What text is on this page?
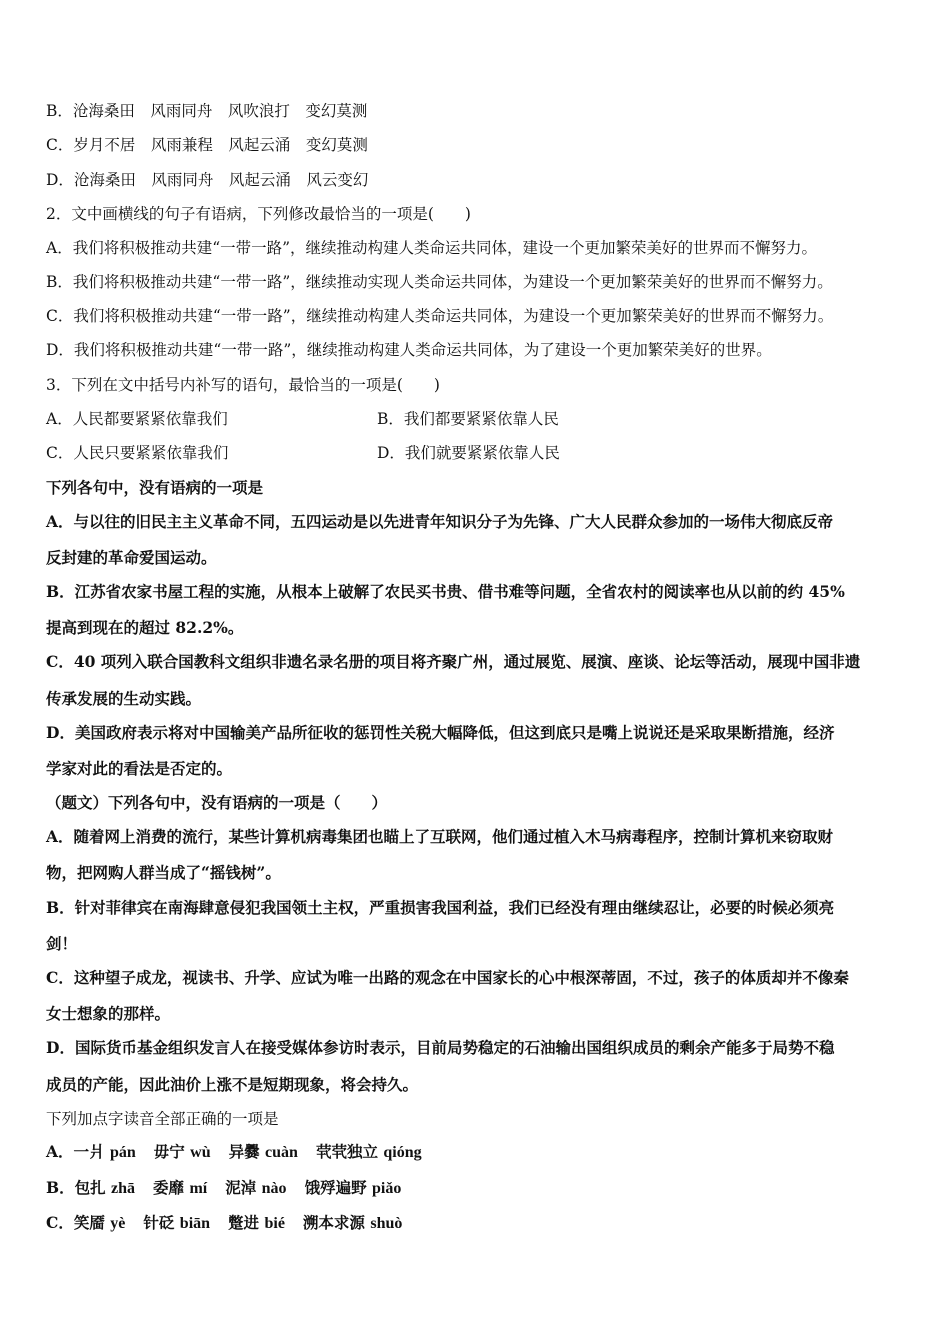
B．沧海桑田　风雨同舟　风吹浪打　变幻莫测
C．岁月不居　风雨兼程　风起云涌　变幻莫测
D．沧海桑田　风雨同舟　风起云涌　风云变幻
2．文中画横线的句子有语病，下列修改最恰当的一项是(　　)
A．我们将积极推动共建“一带一路”，继续推动构建人类命运共同体，建设一个更加繁荣美好的世界而不懈努力。
B．我们将积极推动共建“一带一路”，继续推动实现人类命运共同体，为建设一个更加繁荣美好的世界而不懈努力。
C．我们将积极推动共建“一带一路”，继续推动构建人类命运共同体，为建设一个更加繁荣美好的世界而不懈努力。
D．我们将积极推动共建“一带一路”，继续推动构建人类命运共同体，为了建设一个更加繁荣美好的世界。
3．下列在文中括号内补写的语句，最恰当的一项是(　　)
A．人民都要紧紧依靠我们	B．我们都要紧紧依靠人民
C．人民只要紧紧依靠我们	D．我们就要紧紧依靠人民
下列各句中，没有语病的一项是
A．与以往的旧民主主义革命不同，五四运动是以先进青年知识分子为先锋、广大人民群众参加的一场伟大彻底反帝
反封建的革命爱国运动。
B．江苏省农家书屋工程的实施，从根本上破解了农民买书贵、借书难等问题，全省农村的阅读率也从以前的约 45%
提高到现在的超过 82.2%。
C．40 项列入联合国教科文组织非遗名录名册的项目将齐聚广州，通过展览、展演、座谈、论坛等活动，展现中国非遗
传承发展的生动实践。
D．美国政府表示将对中国输美产品所征收的惩罚性关税大幅降低，但这到底只是嘴上说说还是采取果断措施，经济
学家对此的看法是否定的。
（题文）下列各句中，没有语病的一项是（　　）
A．随着网上消费的流行，某些计算机病毒集团也瞄上了互联网，他们通过植入木马病毒程序，控制计算机来窃取财
物，把网购人群当成了“摇钱树”。
B．针对菲律宾在南海肆意侵犯我国领土主权，严重损害我国利益，我们已经没有理由继续忍让，必要的时候必须亮
剑！
C．这种望子成龙，视读书、升学、应试为唯一出路的观念在中国家长的心中根深蒂固，不过，孩子的体质却并不像秦
女士想象的那样。
D．国际货币基金组织发言人在接受媒体参访时表示，目前局势稳定的石油输出国组织成员的剩余产能多于局势不稳
成员的产能，因此油价上涨不是短期现象，将会持久。
下列加点字读音全部正确的一项是
A．一爿 pán 毋宁 wù 异爨 cuàn 茕茕独立 qióng
B．包扎 zhā 委靡 mí 泥淖 nào 饿殍遍野 piǎo
C．笑靥 yè 针砭 biān 蹩进 bié 溯本求源 shuò
